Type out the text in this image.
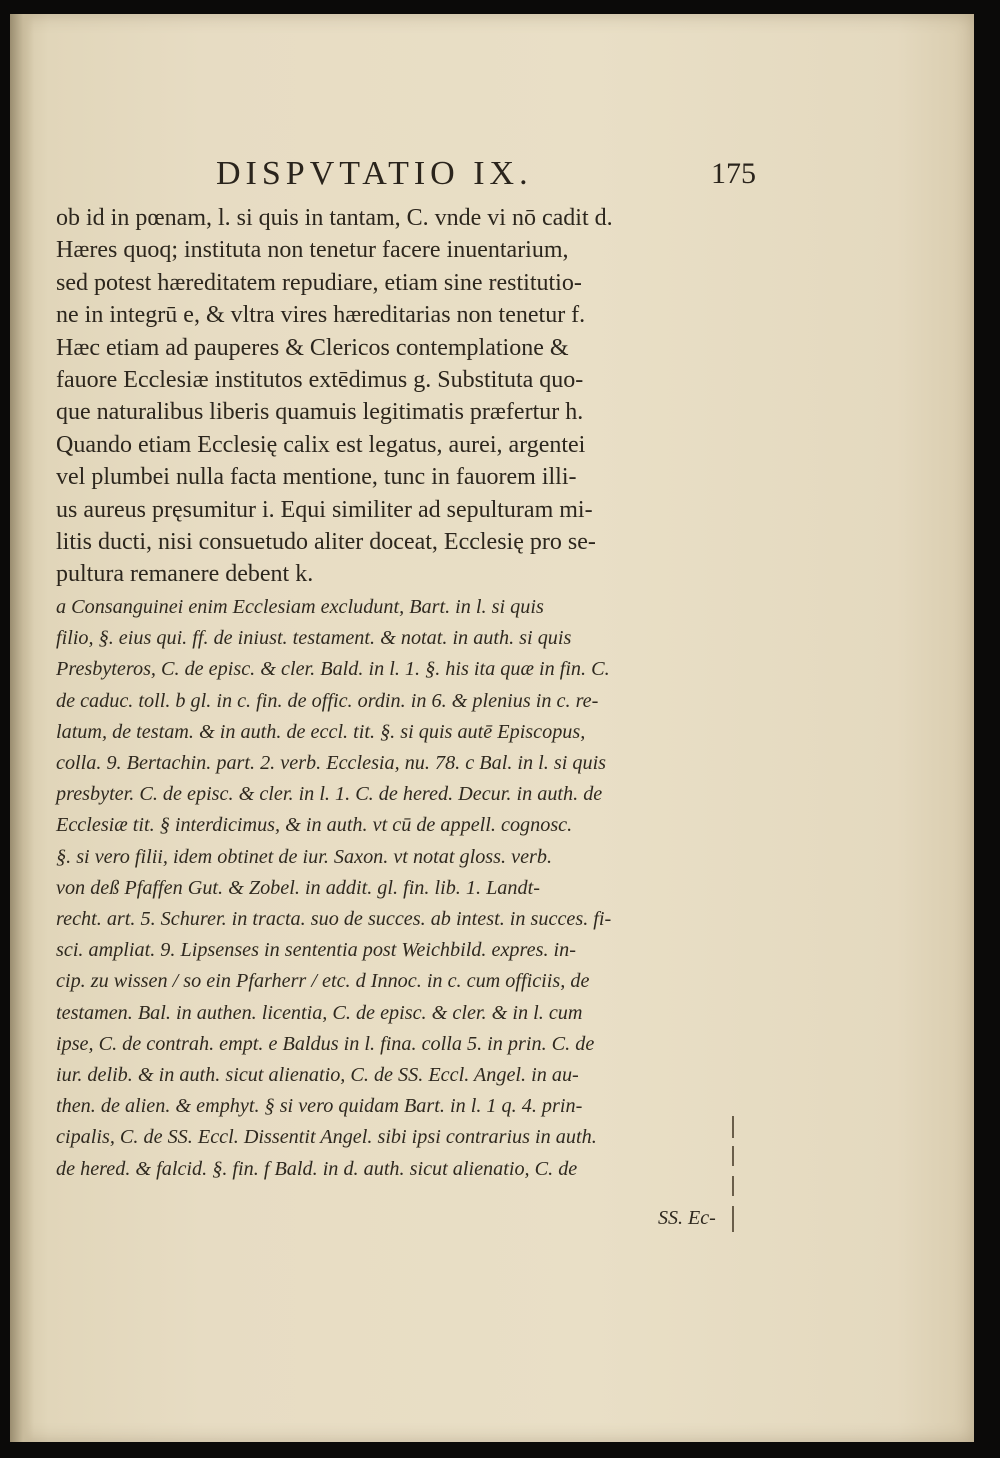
DISPVTATIO IX.	175

ob id in pœnam, l. si quis in tantam, C. vnde vi nō cadit d.
Hæres quoq; instituta non tenetur facere inuentarium,
sed potest hæreditatem repudiare, etiam sine restitutio-
ne in integrū e, & vltra vires hæreditarias non tenetur f.
Hæc etiam ad pauperes & Clericos contemplatione &
fauore Ecclesiæ institutos extēdimus g. Substituta quo-
que naturalibus liberis quamuis legitimatis præfertur h.
Quando etiam Ecclesię calix est legatus, aurei, argentei
vel plumbei nulla facta mentione, tunc in fauorem illi-
us aureus pręsumitur i. Equi similiter ad sepulturam mi-
litis ducti, nisi consuetudo aliter doceat, Ecclesię pro se-
pultura remanere debent k.

a Consanguinei enim Ecclesiam excludunt, Bart. in l. si quis
filio, §. eius qui. ff. de iniust. testament. & notat. in auth. si quis
Presbyteros, C. de episc. & cler. Bald. in l. 1. §. his ita quæ in fin. C.
de caduc. toll. b gl. in c. fin. de offic. ordin. in 6. & plenius in c. re-
latum, de testam. & in auth. de eccl. tit. §. si quis autē Episcopus,
colla. 9. Bertachin. part. 2. verb. Ecclesia, nu. 78. c Bal. in l. si quis
presbyter. C. de episc. & cler. in l. 1. C. de hered. Decur. in auth. de
Ecclesiæ tit. § interdicimus, & in auth. vt cū de appell. cognosc.
§. si vero filii, idem obtinet de iur. Saxon. vt notat gloss. verb.
von deß Pfaffen Gut. & Zobel. in addit. gl. fin. lib. 1. Landt-
recht. art. 5. Schurer. in tracta. suo de succes. ab intest. in succes. fi-
sci. ampliat. 9. Lipsenses in sententia post Weichbild. expres. in-
cip. zu wissen / so ein Pfarherr / etc. d Innoc. in c. cum officiis, de
testamen. Bal. in authen. licentia, C. de episc. & cler. & in l. cum
ipse, C. de contrah. empt. e Baldus in l. fina. colla 5. in prin. C. de
iur. delib. & in auth. sicut alienatio, C. de SS. Eccl. Angel. in au-
then. de alien. & emphyt. § si vero quidam Bart. in l. 1 q. 4. prin-
cipalis, C. de SS. Eccl. Dissentit Angel. sibi ipsi contrarius in auth.
de hered. & falcid. §. fin. f Bald. in d. auth. sicut alienatio, C. de

SS. Ec-
